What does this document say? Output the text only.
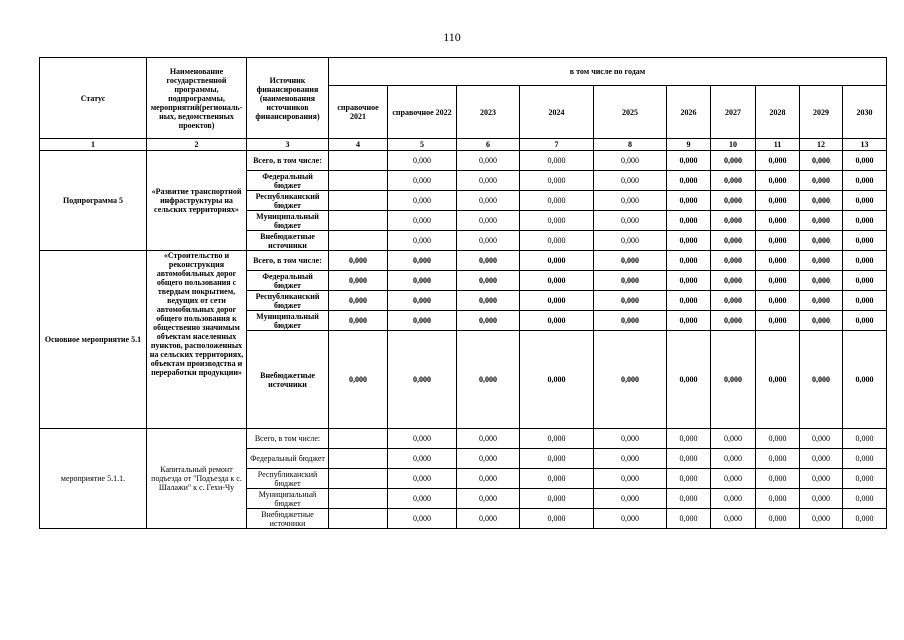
110
Статус	Наименование государственной программы, подпрограммы, мероприятий(региональных, ведомственных проектов)	Источник финансирования (наименования источников финансирования)	в том числе по годам									
			справочное 2021	справочное 2022	2023	2024	2025	2026	2027	2028	2029	2030
1	2	3	4	5	6	7	8	9	10	11	12	13
Подпрограмма 5	«Развитие транспортной инфраструктуры на сельских территориях»	Всего, в том числе:		0,000	0,000	0,000	0,000	0,000	0,000	0,000	0,000	0,000
		Федеральный бюджет		0,000	0,000	0,000	0,000	0,000	0,000	0,000	0,000	0,000
		Республиканский бюджет		0,000	0,000	0,000	0,000	0,000	0,000	0,000	0,000	0,000
		Муниципальный бюджет		0,000	0,000	0,000	0,000	0,000	0,000	0,000	0,000	0,000
		Внебюджетные источники		0,000	0,000	0,000	0,000	0,000	0,000	0,000	0,000	0,000
Основное мероприятие 5.1	«Строительство и реконструкция автомобильных дорог общего пользования с твердым покрытием, ведущих от сети автомобильных дорог общего пользования к общественно значимым объектам населенных пунктов, расположенных на сельских территориях, объектам производства и переработки продукции»	Всего, в том числе:	0,000	0,000	0,000	0,000	0,000	0,000	0,000	0,000	0,000	0,000
		Федеральный бюджет	0,000	0,000	0,000	0,000	0,000	0,000	0,000	0,000	0,000	0,000
		Республиканский бюджет	0,000	0,000	0,000	0,000	0,000	0,000	0,000	0,000	0,000	0,000
		Муниципальный бюджет	0,000	0,000	0,000	0,000	0,000	0,000	0,000	0,000	0,000	0,000
		Внебюджетные источники	0,000	0,000	0,000	0,000	0,000	0,000	0,000	0,000	0,000	0,000
мероприятие 5.1.1.	Капитальный ремонт подъезда от "Подъезда к с. Шалажи" к с. Гехи-Чу	Всего, в том числе:		0,000	0,000	0,000	0,000	0,000	0,000	0,000	0,000	0,000
		Федеральный бюджет		0,000	0,000	0,000	0,000	0,000	0,000	0,000	0,000	0,000
		Республиканский бюджет		0,000	0,000	0,000	0,000	0,000	0,000	0,000	0,000	0,000
		Муниципальный бюджет		0,000	0,000	0,000	0,000	0,000	0,000	0,000	0,000	0,000
		Внебюджетные источники		0,000	0,000	0,000	0,000	0,000	0,000	0,000	0,000	0,000
